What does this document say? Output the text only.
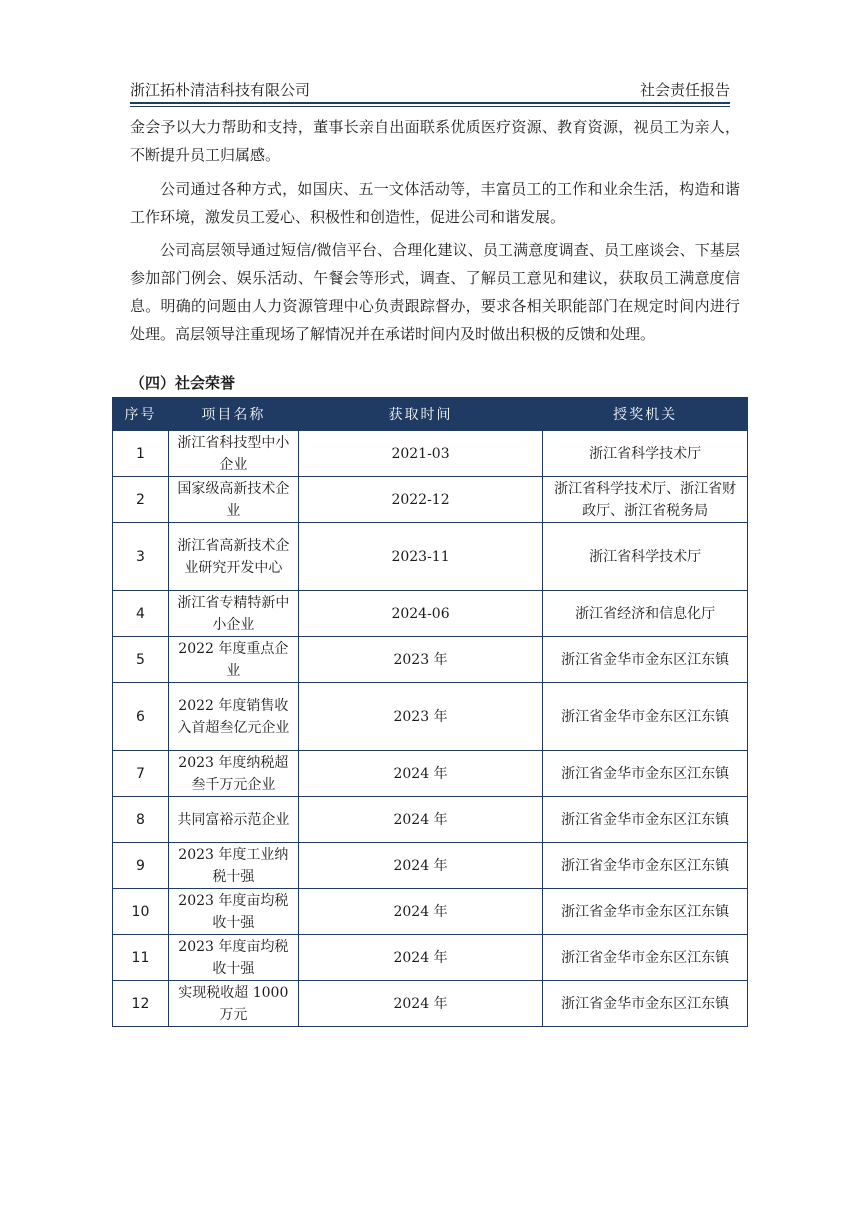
浙江拓朴清洁科技有限公司	社会责任报告

金会予以大力帮助和支持，董事长亲自出面联系优质医疗资源、教育资源，视员工为亲人，不断提升员工归属感。

公司通过各种方式，如国庆、五一文体活动等，丰富员工的工作和业余生活，构造和谐工作环境，激发员工爱心、积极性和创造性，促进公司和谐发展。

公司高层领导通过短信/微信平台、合理化建议、员工满意度调查、员工座谈会、下基层参加部门例会、娱乐活动、午餐会等形式，调查、了解员工意见和建议，获取员工满意度信息。明确的问题由人力资源管理中心负责跟踪督办，要求各相关职能部门在规定时间内进行处理。高层领导注重现场了解情况并在承诺时间内及时做出积极的反馈和处理。

（四）社会荣誉
序号	项目名称	获取时间	授奖机关
1	浙江省科技型中小企业	2021-03	浙江省科学技术厅
2	国家级高新技术企业	2022-12	浙江省科学技术厅、浙江省财政厅、浙江省税务局
3	浙江省高新技术企业研究开发中心	2023-11	浙江省科学技术厅
4	浙江省专精特新中小企业	2024-06	浙江省经济和信息化厅
5	2022 年度重点企业	2023 年	浙江省金华市金东区江东镇
6	2022 年度销售收入首超叁亿元企业	2023 年	浙江省金华市金东区江东镇
7	2023 年度纳税超叁千万元企业	2024 年	浙江省金华市金东区江东镇
8	共同富裕示范企业	2024 年	浙江省金华市金东区江东镇
9	2023 年度工业纳税十强	2024 年	浙江省金华市金东区江东镇
10	2023 年度亩均税收十强	2024 年	浙江省金华市金东区江东镇
11	2023 年度亩均税收十强	2024 年	浙江省金华市金东区江东镇
12	实现税收超 1000 万元	2024 年	浙江省金华市金东区江东镇
